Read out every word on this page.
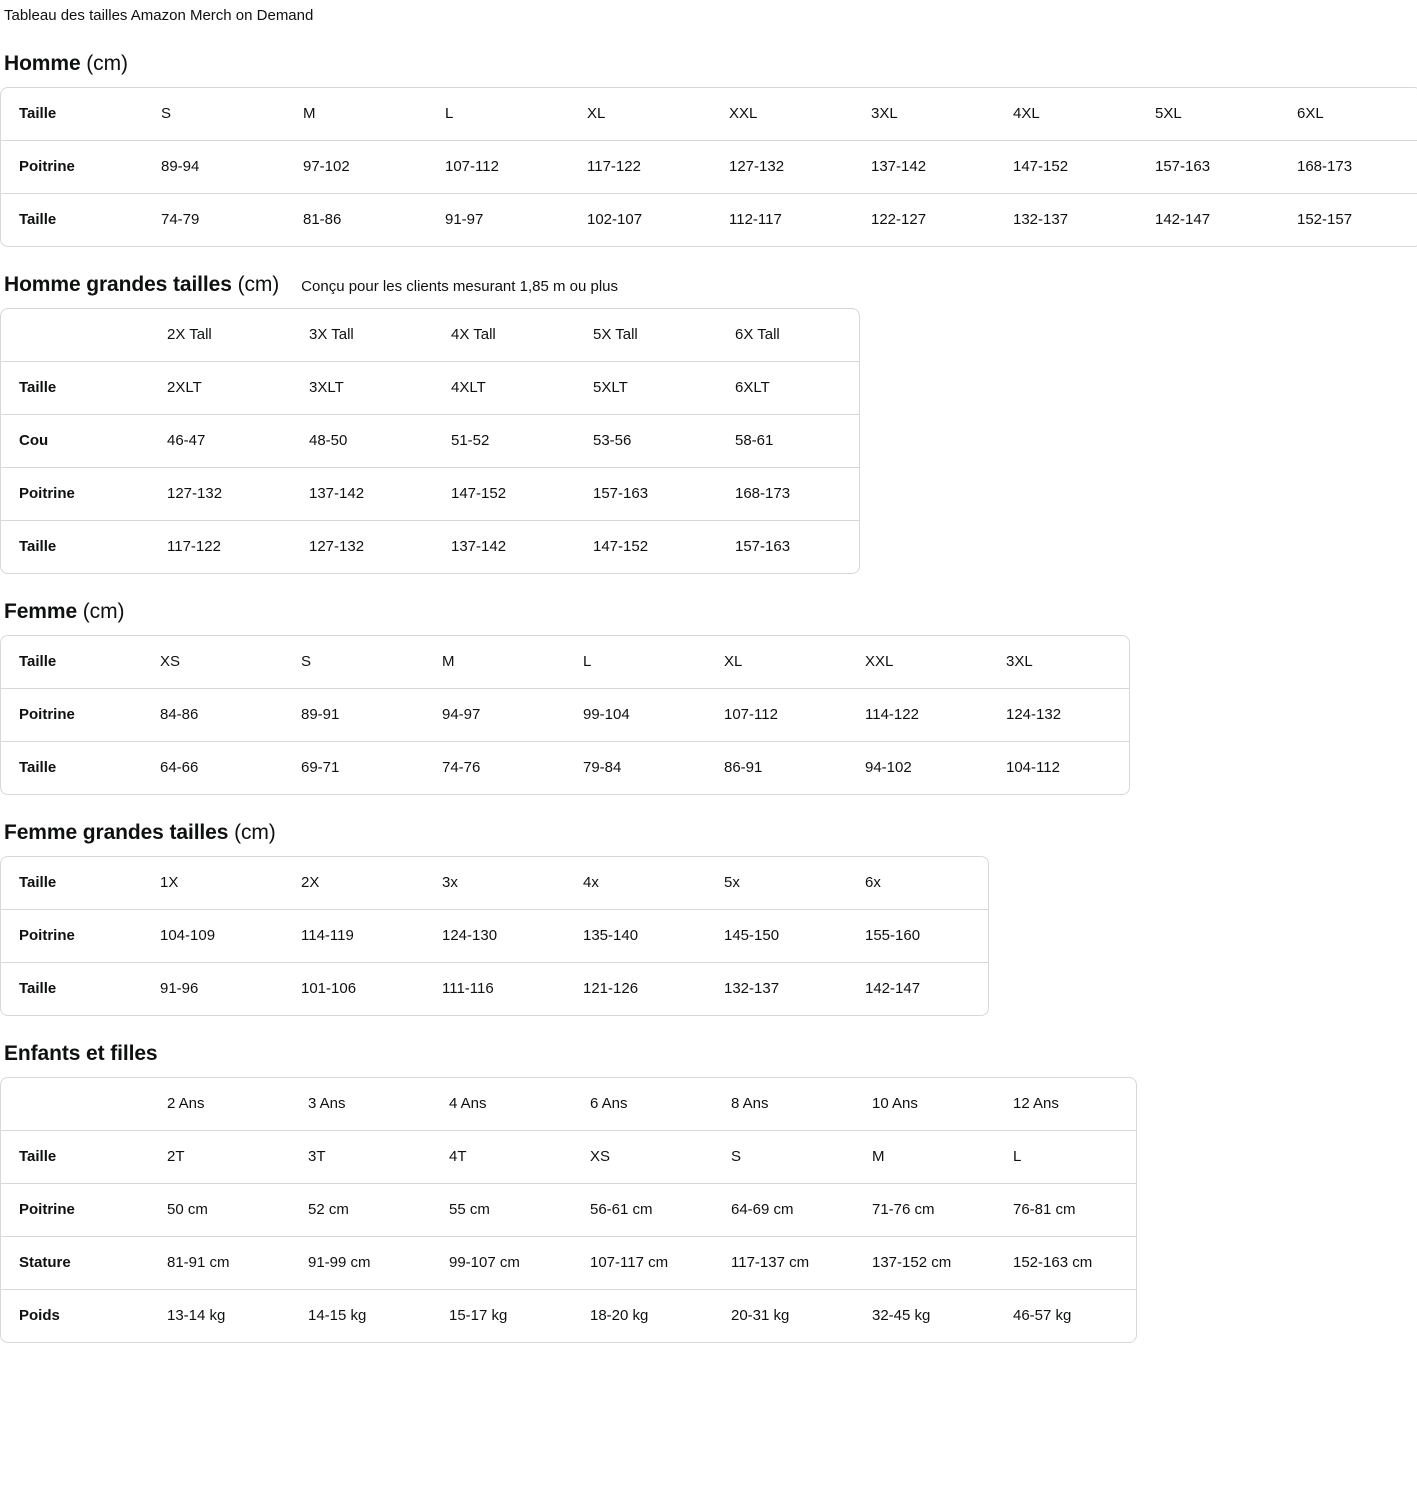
Tableau des tailles Amazon Merch on Demand
Homme (cm)
Taille	S	M	L	XL	XXL	3XL	4XL	5XL	6XL
Poitrine	89-94	97-102	107-112	117-122	127-132	137-142	147-152	157-163	168-173
Taille	74-79	81-86	91-97	102-107	112-117	122-127	132-137	142-147	152-157
Homme grandes tailles (cm)	Conçu pour les clients mesurant 1,85 m ou plus
	2X Tall	3X Tall	4X Tall	5X Tall	6X Tall
Taille	2XLT	3XLT	4XLT	5XLT	6XLT
Cou	46-47	48-50	51-52	53-56	58-61
Poitrine	127-132	137-142	147-152	157-163	168-173
Taille	117-122	127-132	137-142	147-152	157-163
Femme (cm)
Taille	XS	S	M	L	XL	XXL	3XL
Poitrine	84-86	89-91	94-97	99-104	107-112	114-122	124-132
Taille	64-66	69-71	74-76	79-84	86-91	94-102	104-112
Femme grandes tailles (cm)
Taille	1X	2X	3x	4x	5x	6x
Poitrine	104-109	114-119	124-130	135-140	145-150	155-160
Taille	91-96	101-106	111-116	121-126	132-137	142-147
Enfants et filles
	2 Ans	3 Ans	4 Ans	6 Ans	8 Ans	10 Ans	12 Ans
Taille	2T	3T	4T	XS	S	M	L
Poitrine	50 cm	52 cm	55 cm	56-61 cm	64-69 cm	71-76 cm	76-81 cm
Stature	81-91 cm	91-99 cm	99-107 cm	107-117 cm	117-137 cm	137-152 cm	152-163 cm
Poids	13-14 kg	14-15 kg	15-17 kg	18-20 kg	20-31 kg	32-45 kg	46-57 kg
